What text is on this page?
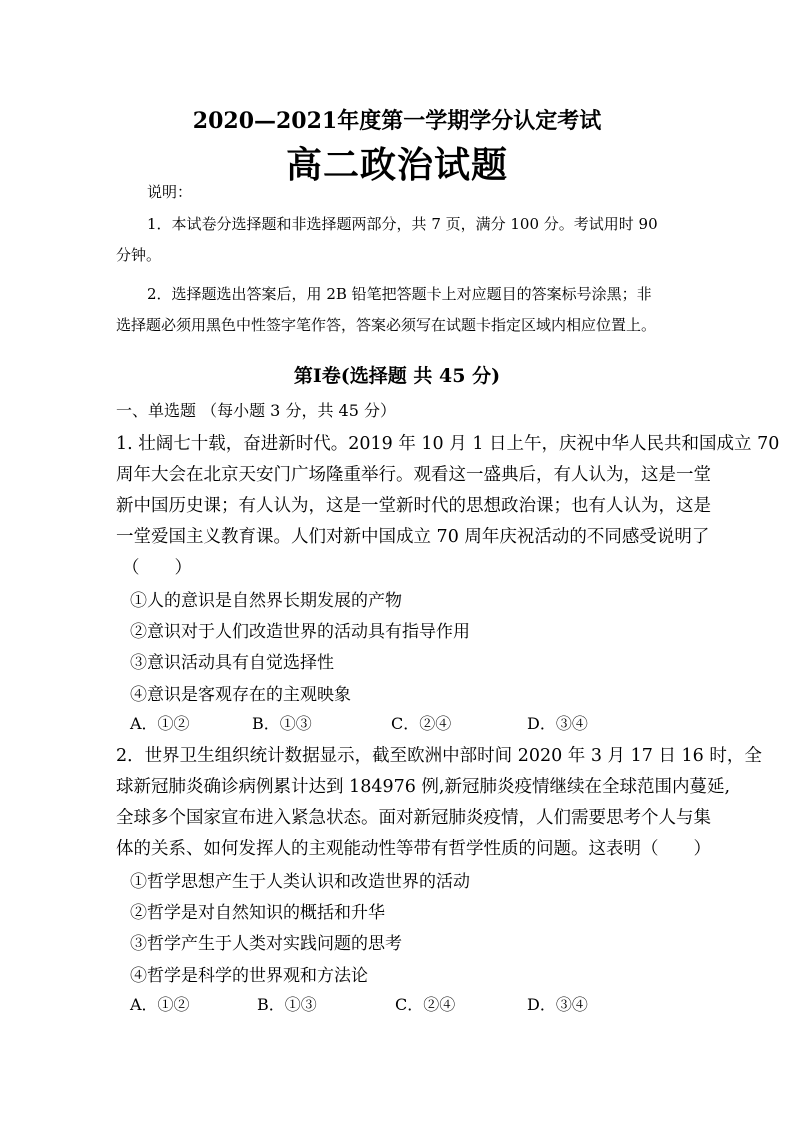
2020—2021年度第一学期学分认定考试
高二政治试题
说明：
1．本试卷分选择题和非选择题两部分，共 7 页，满分 100 分。考试用时 90
分钟。
2．选择题选出答案后，用 2B 铅笔把答题卡上对应题目的答案标号涂黑；非
选择题必须用黑色中性签字笔作答，答案必须写在试题卡指定区域内相应位置上。
第Ⅰ卷(选择题 共 45 分)
一、单选题 （每小题 3 分，共 45 分）
1. 壮阔七十载，奋进新时代。2019 年 10 月 1 日上午，庆祝中华人民共和国成立 70
周年大会在北京天安门广场隆重举行。观看这一盛典后，有人认为，这是一堂
新中国历史课；有人认为，这是一堂新时代的思想政治课；也有人认为，这是
一堂爱国主义教育课。人们对新中国成立 70 周年庆祝活动的不同感受说明了
（　　）
①人的意识是自然界长期发展的产物
②意识对于人们改造世界的活动具有指导作用
③意识活动具有自觉选择性
④意识是客观存在的主观映象
A．①②	B．①③	C．②④	D．③④
2．世界卫生组织统计数据显示，截至欧洲中部时间 2020 年 3 月 17 日 16 时，全
球新冠肺炎确诊病例累计达到 184976 例,新冠肺炎疫情继续在全球范围内蔓延,
全球多个国家宣布进入紧急状态。面对新冠肺炎疫情，人们需要思考个人与集
体的关系、如何发挥人的主观能动性等带有哲学性质的问题。这表明（　　）
①哲学思想产生于人类认识和改造世界的活动
②哲学是对自然知识的概括和升华
③哲学产生于人类对实践问题的思考
④哲学是科学的世界观和方法论
A．①②	B．①③	C．②④	D．③④
